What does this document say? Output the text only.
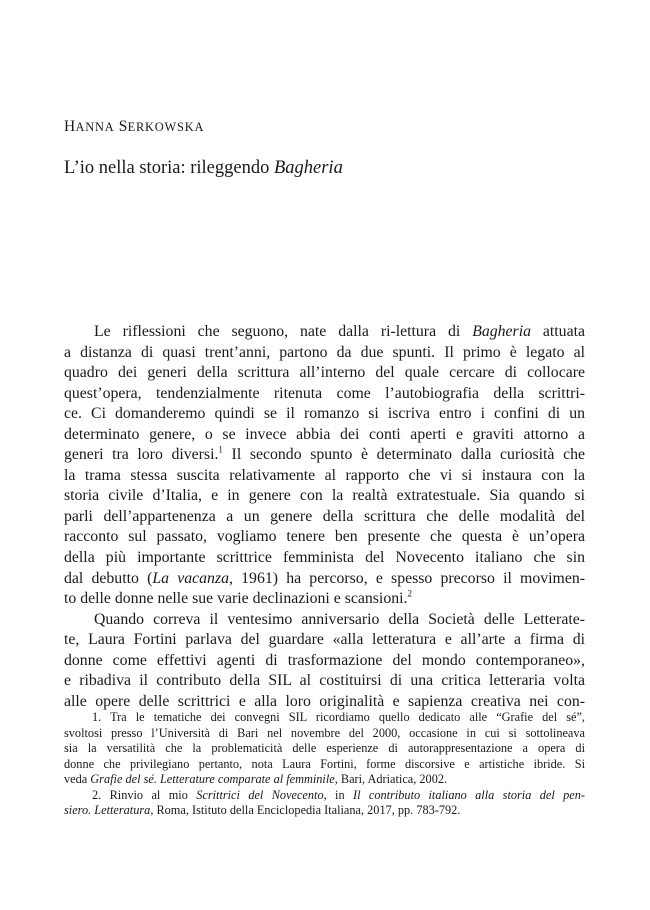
HANNA SERKOWSKA
L’io nella storia: rileggendo Bagheria
Le riflessioni che seguono, nate dalla ri-lettura di Bagheria attuata
a distanza di quasi trent’anni, partono da due spunti. Il primo è legato al
quadro dei generi della scrittura all’interno del quale cercare di collocare
quest’opera, tendenzialmente ritenuta come l’autobiografia della scrittri-
ce. Ci domanderemo quindi se il romanzo si iscriva entro i confini di un
determinato genere, o se invece abbia dei conti aperti e graviti attorno a
generi tra loro diversi.$^1$ Il secondo spunto è determinato dalla curiosità che
la trama stessa suscita relativamente al rapporto che vi si instaura con la
storia civile d’Italia, e in genere con la realtà extratestuale. Sia quando si
parli dell’appartenenza a un genere della scrittura che delle modalità del
racconto sul passato, vogliamo tenere ben presente che questa è un’opera
della più importante scrittrice femminista del Novecento italiano che sin
dal debutto (La vacanza, 1961) ha percorso, e spesso precorso il movimen-
to delle donne nelle sue varie declinazioni e scansioni.$^2$
Quando correva il ventesimo anniversario della Società delle Letterate-
te, Laura Fortini parlava del guardare «alla letteratura e all’arte a firma di
donne come effettivi agenti di trasformazione del mondo contemporaneo»,
e ribadiva il contributo della SIL al costituirsi di una critica letteraria volta
alle opere delle scrittrici e alla loro originalità e sapienza creativa nei con-
1. Tra le tematiche dei convegni SIL ricordiamo quello dedicato alle “Grafie del sé”,
svoltosi presso l’Università di Bari nel novembre del 2000, occasione in cui si sottolineava
sia la versatilità che la problematicità delle esperienze di autorappresentazione a opera di
donne che privilegiano pertanto, nota Laura Fortini, forme discorsive e artistiche ibride. Si
veda Grafie del sé. Letterature comparate al femminile, Bari, Adriatica, 2002.
2. Rinvio al mio Scrittrici del Novecento, in Il contributo italiano alla storia del pen-
siero. Letteratura, Roma, Istituto della Enciclopedia Italiana, 2017, pp. 783-792.
